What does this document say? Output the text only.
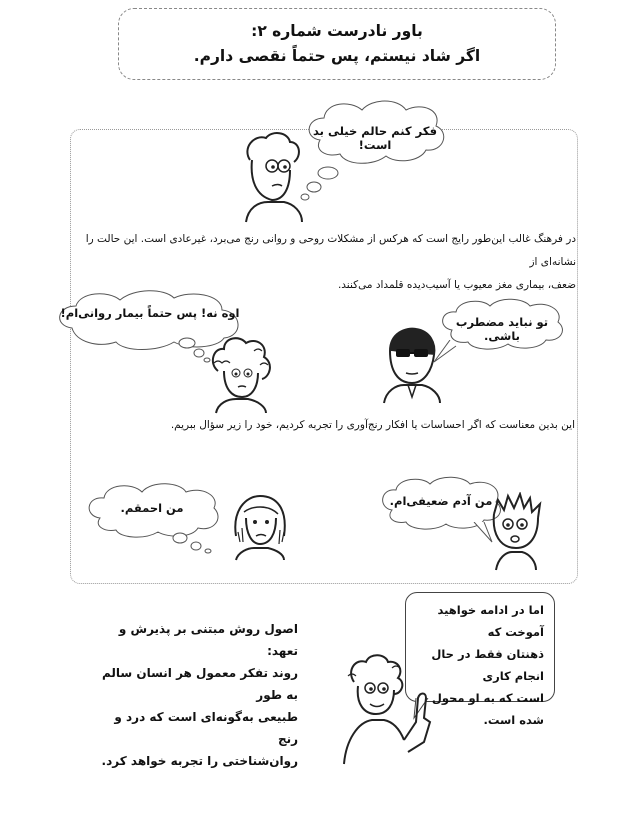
باور نادرست شماره ۲:
اگر شاد نیستم، پس حتماً نقصی دارم.
فکر کنم حالم خیلی بد است!
در فرهنگ غالب این‌طور رایج است که هرکس از مشکلات روحی و روانی رنج می‌برد، غیرعادی است. این حالت را نشانه‌ای از
ضعف، بیماری مغز معیوب یا آسیب‌دیده قلمداد می‌کنند.
اوه نه! پس حتماً بیمار روانی‌ام!
تو نباید مضطرب باشی.
این بدین معناست که اگر احساسات یا افکار رنج‌آوری را تجربه کردیم، خود را زیر سؤال ببریم.
من احمقم.	من آدم ضعیفی‌ام.
اصول روش مبتنی بر پذیرش و تعهد:
روند تفکر معمول هر انسان سالم به طور
طبیعی به‌گونه‌ای است که درد و رنج
روان‌شناختی را تجربه خواهد کرد.
اما در ادامه خواهید آموخت که
ذهنتان فقط در حال انجام کاری
است که به او محول شده است.
